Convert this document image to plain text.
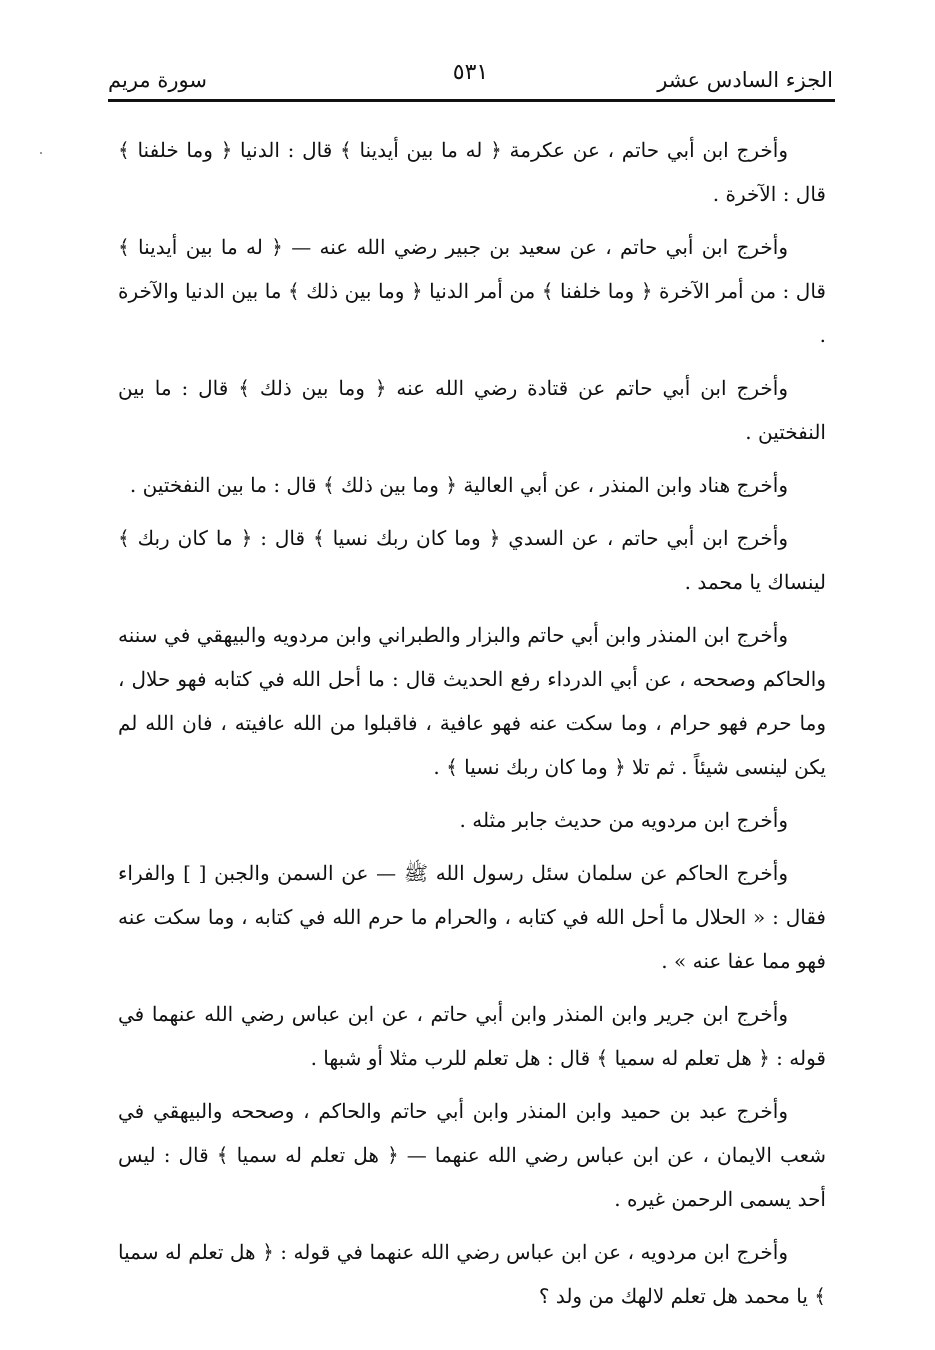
الجزء السادس عشر
٥٣١
سورة مريم

وأخرج ابن أبي حاتم ، عن عكرمة ﴿ له ما بين أيدينا ﴾ قال : الدنيا ﴿ وما خلفنا ﴾ قال : الآخرة .

وأخرج ابن أبي حاتم ، عن سعيد بن جبير رضي الله عنه — ﴿ له ما بين أيدينا ﴾ قال : من أمر الآخرة ﴿ وما خلفنا ﴾ من أمر الدنيا ﴿ وما بين ذلك ﴾ ما بين الدنيا والآخرة .

وأخرج ابن أبي حاتم عن قتادة رضي الله عنه ﴿ وما بين ذلك ﴾ قال : ما بين النفختين .

وأخرج هناد وابن المنذر ، عن أبي العالية ﴿ وما بين ذلك ﴾ قال : ما بين النفختين .

وأخرج ابن أبي حاتم ، عن السدي ﴿ وما كان ربك نسيا ﴾ قال : ﴿ ما كان ربك ﴾ لينساك يا محمد .

وأخرج ابن المنذر وابن أبي حاتم والبزار والطبراني وابن مردويه والبيهقي في سننه والحاكم وصححه ، عن أبي الدرداء رفع الحديث قال : ما أحل الله في كتابه فهو حلال ، وما حرم فهو حرام ، وما سكت عنه فهو عافية ، فاقبلوا من الله عافيته ، فان الله لم يكن لينسى شيئاً . ثم تلا ﴿ وما كان ربك نسيا ﴾ .

وأخرج ابن مردويه من حديث جابر مثله .

وأخرج الحاكم عن سلمان سئل رسول الله ﷺ — عن السمن والجبن [ ] والفراء فقال : « الحلال ما أحل الله في كتابه ، والحرام ما حرم الله في كتابه ، وما سكت عنه فهو مما عفا عنه » .

وأخرج ابن جرير وابن المنذر وابن أبي حاتم ، عن ابن عباس رضي الله عنهما في قوله : ﴿ هل تعلم له سميا ﴾ قال : هل تعلم للرب مثلا أو شبها .

وأخرج عبد بن حميد وابن المنذر وابن أبي حاتم والحاكم ، وصححه والبيهقي في شعب الايمان ، عن ابن عباس رضي الله عنهما — ﴿ هل تعلم له سميا ﴾ قال : ليس أحد يسمى الرحمن غيره .

وأخرج ابن مردويه ، عن ابن عباس رضي الله عنهما في قوله : ﴿ هل تعلم له سميا ﴾ يا محمد هل تعلم لالهك من ولد ؟
